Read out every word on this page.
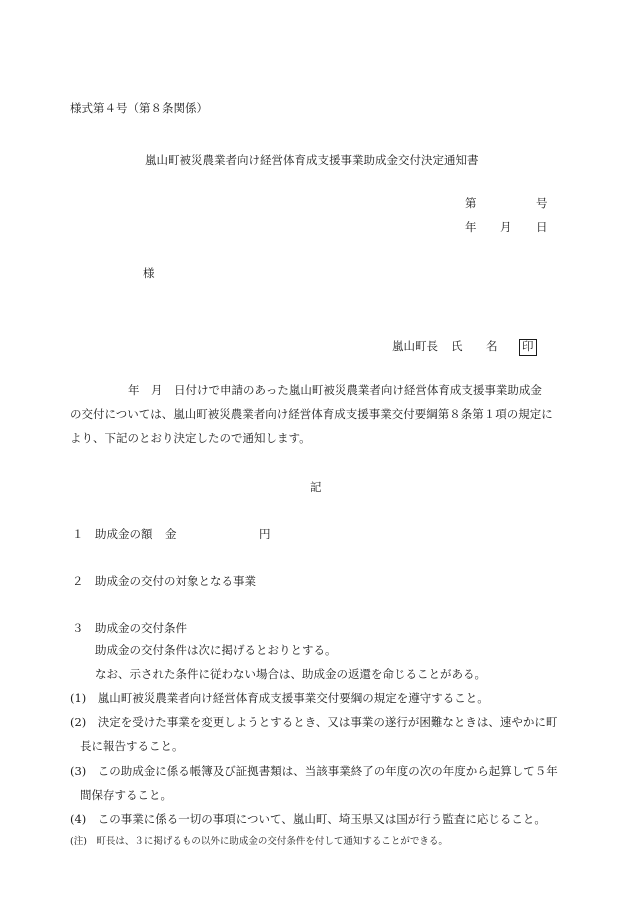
様式第４号（第８条関係）
嵐山町被災農業者向け経営体育成支援事業助成金交付決定通知書
第	号
年 月 日
様
嵐山町長 氏 名 印
年　月　日付けで申請のあった嵐山町被災農業者向け経営体育成支援事業助成金
の交付については、嵐山町被災農業者向け経営体育成支援事業交付要綱第８条第１項の規定に
より、下記のとおり決定したので通知します。
記
１ 助成金の額 金	円
２ 助成金の交付の対象となる事業
３ 助成金の交付条件
助成金の交付条件は次に掲げるとおりとする。
なお、示された条件に従わない場合は、助成金の返還を命じることがある。
(1)　嵐山町被災農業者向け経営体育成支援事業交付要綱の規定を遵守すること。
(2)　決定を受けた事業を変更しようとするとき、又は事業の遂行が困難なときは、速やかに町
長に報告すること。
(3)　この助成金に係る帳簿及び証拠書類は、当該事業終了の年度の次の年度から起算して５年
間保存すること。
(4)　この事業に係る一切の事項について、嵐山町、埼玉県又は国が行う監査に応じること。
(注)　町長は、３に掲げるもの以外に助成金の交付条件を付して通知することができる。
